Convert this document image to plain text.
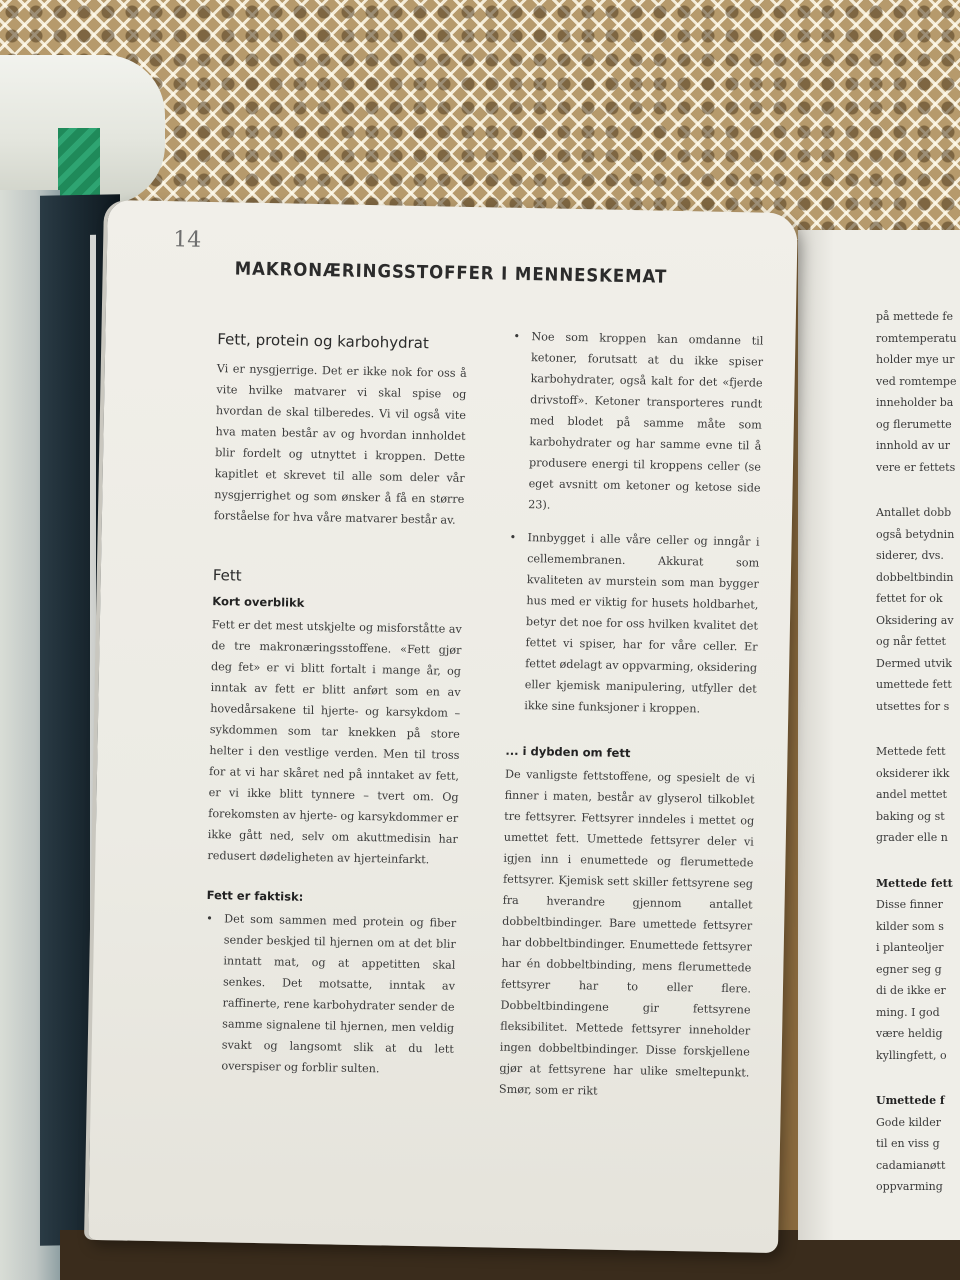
på mettede fe
romtemperatu
holder mye ur
ved romtempe
inneholder ba
og flerumette
innhold av ur
vere er fettets
Antallet dobb
også betydnin
siderer, dvs.
dobbeltbindin
fettet for ok
Oksidering av
og når fettet
Dermed utvik
umettede fett
utsettes for s
Mettede fett
oksiderer ikk
andel mettet
baking og st
grader elle n
Mettede fett
Disse finner
kilder som s
i planteoljer
egner seg g
di de ikke er
ming. I god
være heldig
kyllingfett, o
Umettede f
Gode kilder
til en viss g
cadamianøtt
oppvarming
14
MAKRONÆRINGSSTOFFER I MENNESKEMAT
Fett, protein og karbohydrat

Vi er nysgjerrige. Det er ikke nok for oss å vite hvilke matvarer vi skal spise og hvordan de skal tilberedes. Vi vil også vite hva maten består av og hvordan innholdet blir fordelt og utnyttet i kroppen. Dette kapitlet et skrevet til alle som deler vår nysgjerrighet og som ønsker å få en større forståelse for hva våre matvarer består av.

Fett
Kort overblikk

Fett er det mest utskjelte og misforståtte av de tre makronæringsstoffene. «Fett gjør deg fet» er vi blitt fortalt i mange år, og inntak av fett er blitt anført som en av hovedårsakene til hjerte- og karsykdom – sykdommen som tar knekken på store helter i den vestlige verden. Men til tross for at vi har skåret ned på inntaket av fett, er vi ikke blitt tynnere – tvert om. Og forekomsten av hjerte- og karsykdommer er ikke gått ned, selv om akuttmedisin har redusert dødeligheten av hjerteinfarkt.

Fett er faktisk:
• Det som sammen med protein og fiber sender beskjed til hjernen om at det blir inntatt mat, og at appetitten skal senkes. Det motsatte, inntak av raffinerte, rene karbohydrater sender de samme signalene til hjernen, men veldig svakt og langsomt slik at du lett overspiser og forblir sulten.
• Noe som kroppen kan omdanne til ketoner, forutsatt at du ikke spiser karbohydrater, også kalt for det «fjerde drivstoff». Ketoner transporteres rundt med blodet på samme måte som karbohydrater og har samme evne til å produsere energi til kroppens celler (se eget avsnitt om ketoner og ketose side 23).
• Innbygget i alle våre celler og inngår i cellemembranen. Akkurat som kvaliteten av murstein som man bygger hus med er viktig for husets holdbarhet, betyr det noe for oss hvilken kvalitet det fettet vi spiser, har for våre celler. Er fettet ødelagt av oppvarming, oksidering eller kjemisk manipulering, utfyller det ikke sine funksjoner i kroppen.
... i dybden om fett

De vanligste fettstoffene, og spesielt de vi finner i maten, består av glyserol tilkoblet tre fettsyrer. Fettsyrer inndeles i mettet og umettet fett. Umettede fettsyrer deler vi igjen inn i enumettede og flerumettede fettsyrer. Kjemisk sett skiller fettsyrene seg fra hverandre gjennom antallet dobbeltbindinger. Bare umettede fettsyrer har dobbeltbindinger. Enumettede fettsyrer har én dobbeltbinding, mens flerumettede fettsyrer har to eller flere. Dobbeltbindingene gir fettsyrene fleksibilitet. Mettede fettsyrer inneholder ingen dobbeltbindinger. Disse forskjellene gjør at fettsyrene har ulike smeltepunkt. Smør, som er rikt
